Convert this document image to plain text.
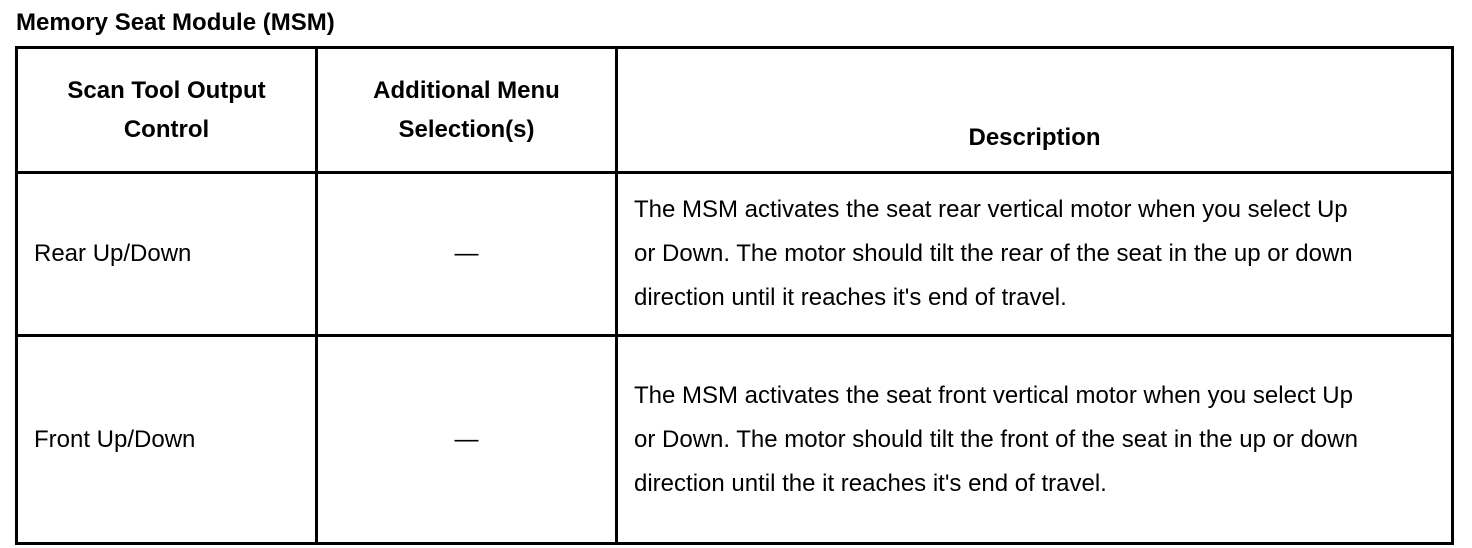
Memory Seat Module (MSM)
Scan Tool Output Control	Additional Menu Selection(s)	Description
Rear Up/Down	—	The MSM activates the seat rear vertical motor when you select Up or Down. The motor should tilt the rear of the seat in the up or down direction until it reaches it's end of travel.

Front Up/Down	—	The MSM activates the seat front vertical motor when you select Up or Down. The motor should tilt the front of the seat in the up or down direction until the it reaches it's end of travel.
